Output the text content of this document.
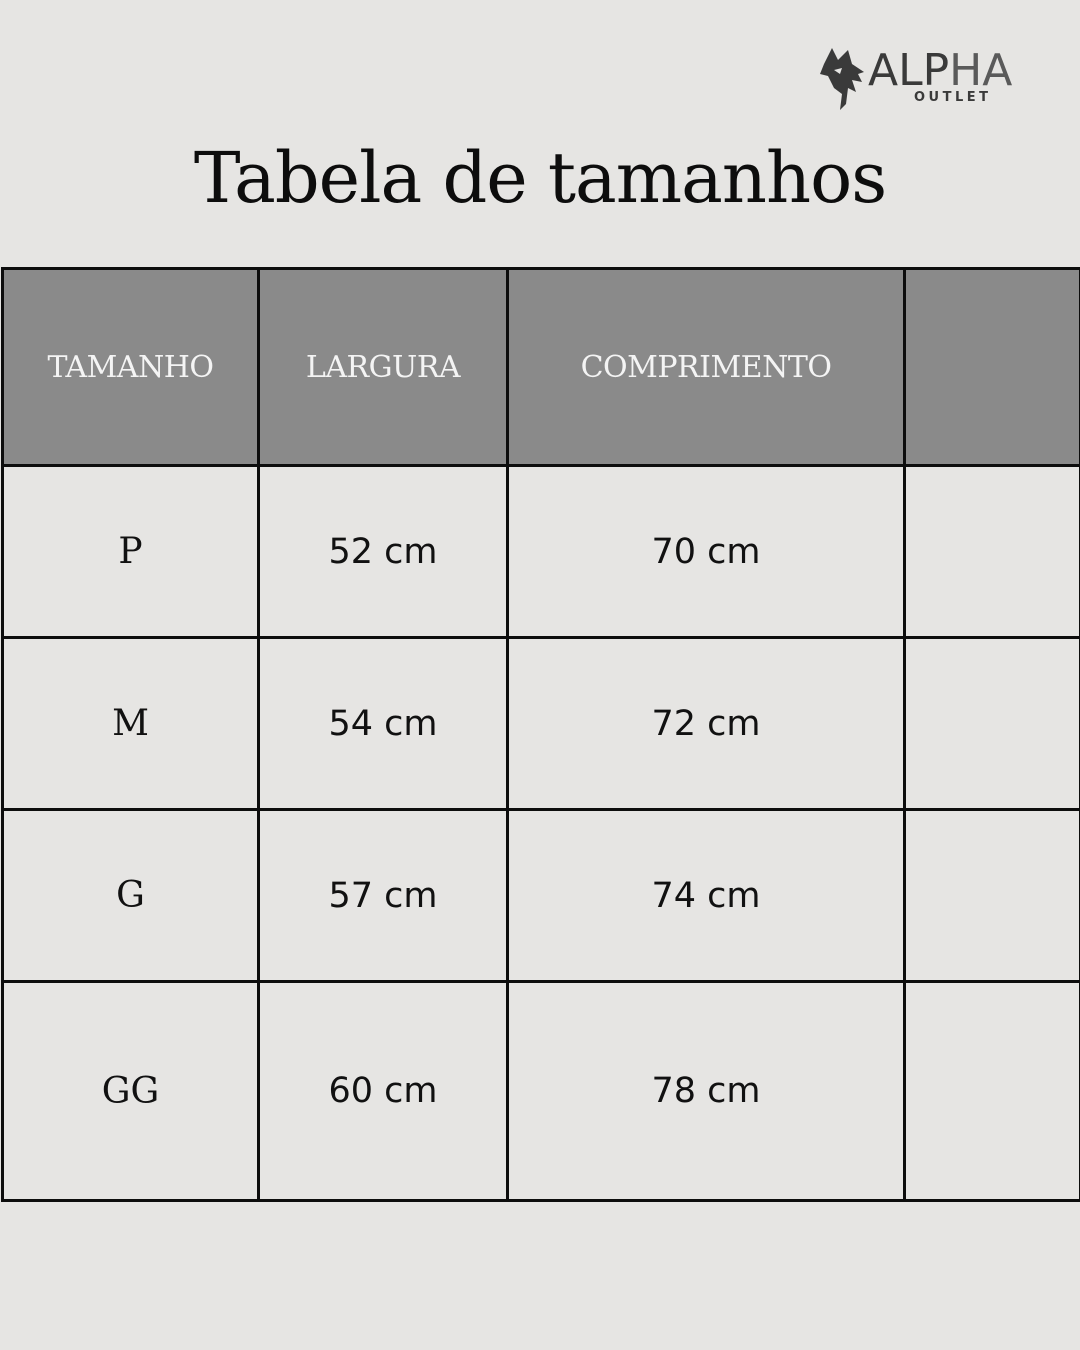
ALPHA
OUTLET
Tabela de tamanhos
TAMANHO	LARGURA	COMPRIMENTO	
P	52 cm	70 cm	
M	54 cm	72 cm	
G	57 cm	74 cm	
GG	60 cm	78 cm	
